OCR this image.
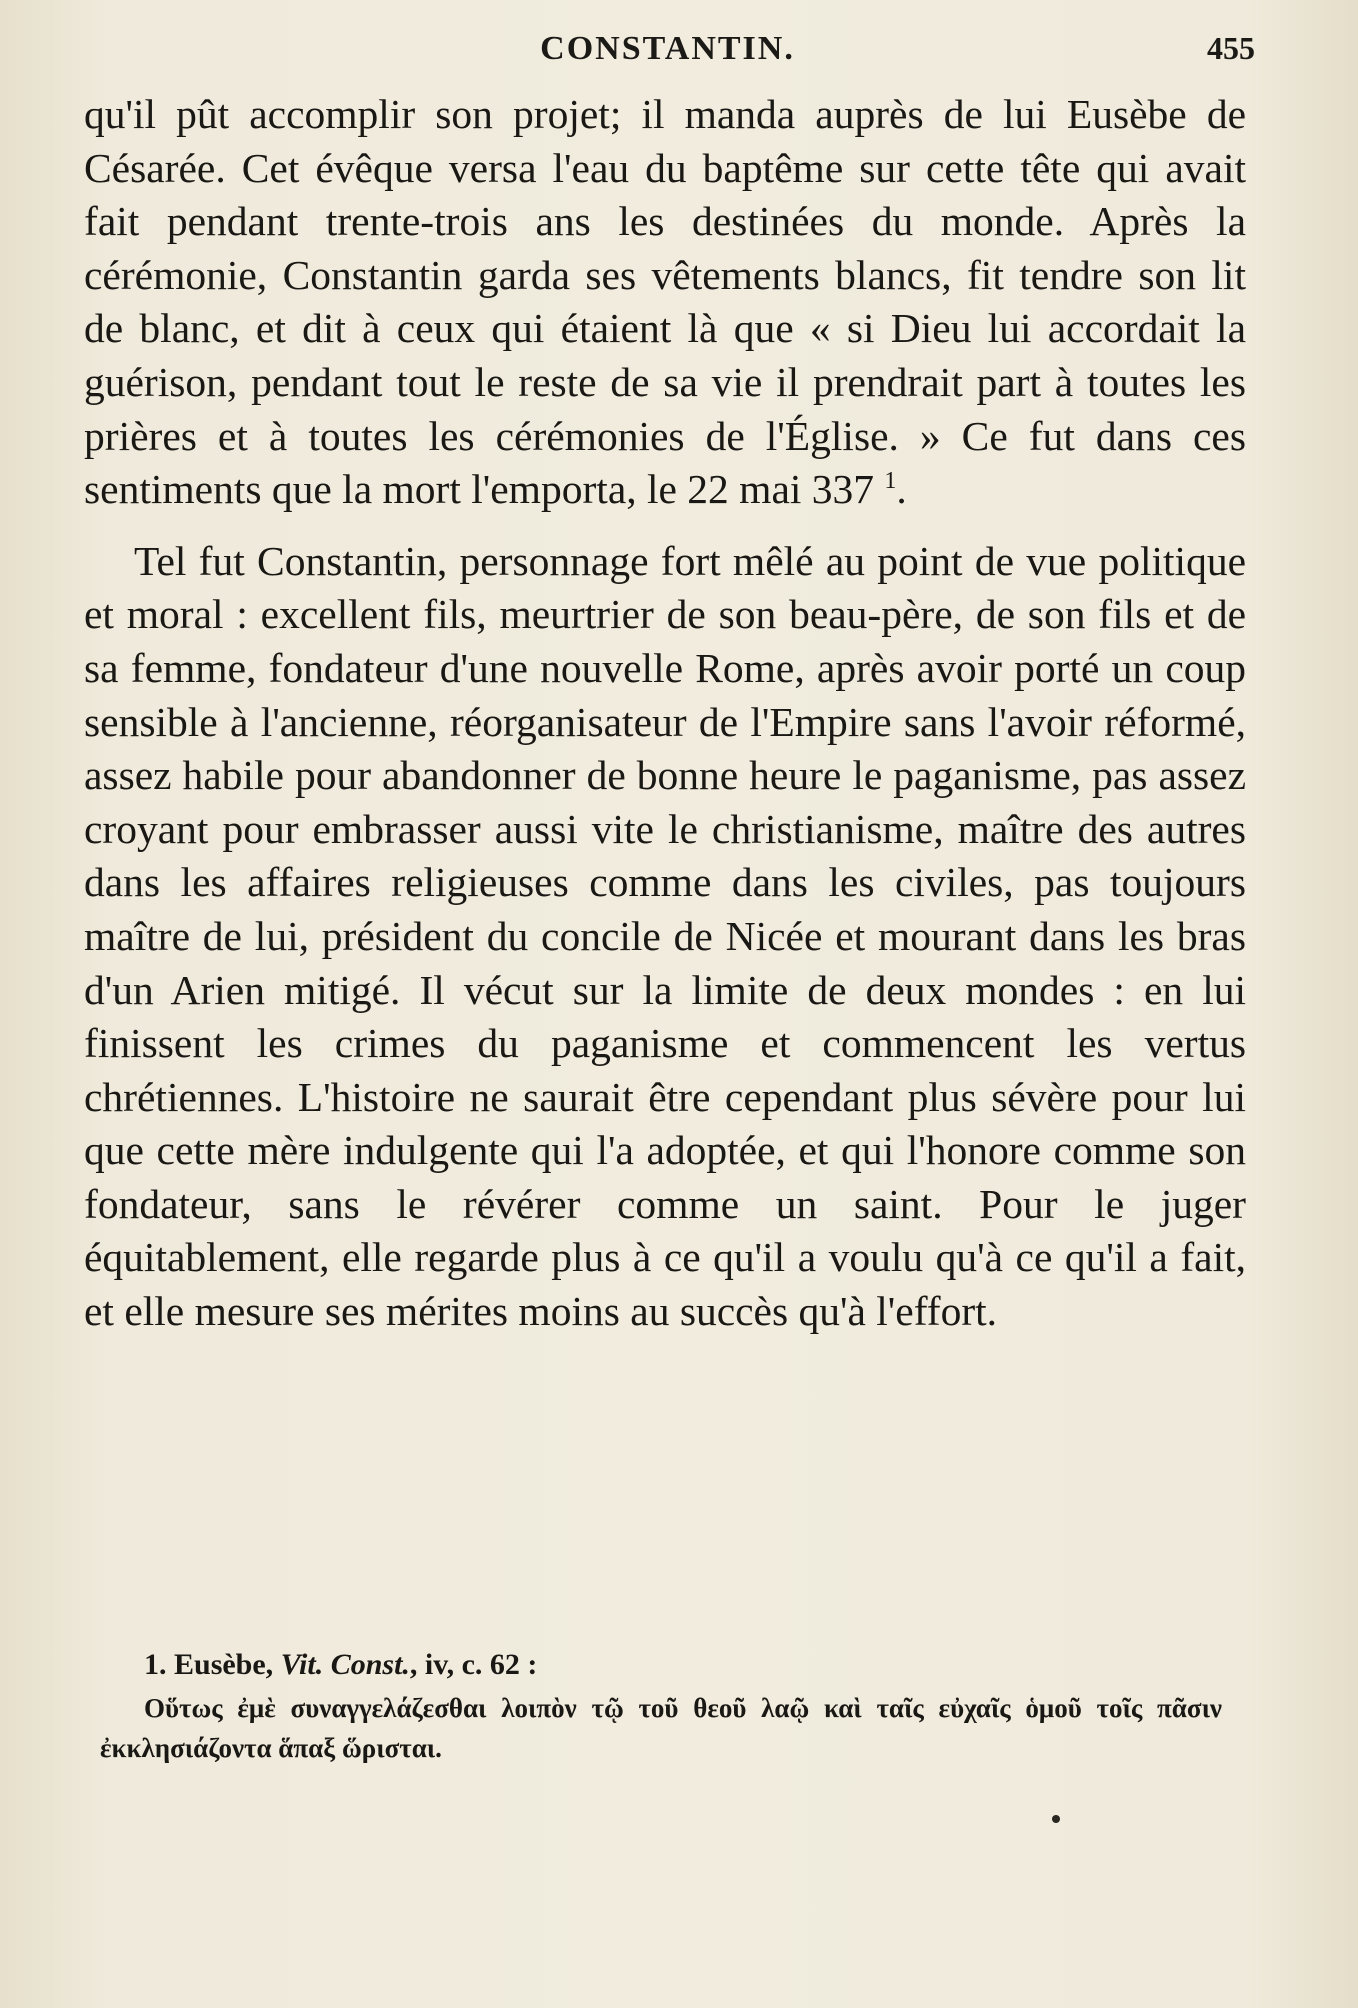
CONSTANTIN.	455

qu'il pût accomplir son projet; il manda auprès de lui Eusèbe de Césarée. Cet évêque versa l'eau du baptême sur cette tête qui avait fait pendant trente-trois ans les destinées du monde. Après la cérémonie, Constantin garda ses vêtements blancs, fit tendre son lit de blanc, et dit à ceux qui étaient là que « si Dieu lui accordait la guérison, pendant tout le reste de sa vie il prendrait part à toutes les prières et à toutes les cérémonies de l'Église. » Ce fut dans ces sentiments que la mort l'emporta, le 22 mai 337 $^1$.

Tel fut Constantin, personnage fort mêlé au point de vue politique et moral : excellent fils, meurtrier de son beau-père, de son fils et de sa femme, fondateur d'une nouvelle Rome, après avoir porté un coup sensible à l'ancienne, réorganisateur de l'Empire sans l'avoir réformé, assez habile pour abandonner de bonne heure le paganisme, pas assez croyant pour embrasser aussi vite le christianisme, maître des autres dans les affaires religieuses comme dans les civiles, pas toujours maître de lui, président du concile de Nicée et mourant dans les bras d'un Arien mitigé. Il vécut sur la limite de deux mondes : en lui finissent les crimes du paganisme et commencent les vertus chrétiennes. L'histoire ne saurait être cependant plus sévère pour lui que cette mère indulgente qui l'a adoptée, et qui l'honore comme son fondateur, sans le révérer comme un saint. Pour le juger équitablement, elle regarde plus à ce qu'il a voulu qu'à ce qu'il a fait, et elle mesure ses mérites moins au succès qu'à l'effort.

1. Eusèbe, Vit. Const., iv, c. 62 :
Οὕτως ἐμὲ συναγγελάζεσθαι λοιπὸν τῷ τοῦ θεοῦ λαῷ καὶ ταῖς εὐχαῖς ὁμοῦ τοῖς πᾶσιν ἐκκλησιάζοντα ἅπαξ ὥρισται.
